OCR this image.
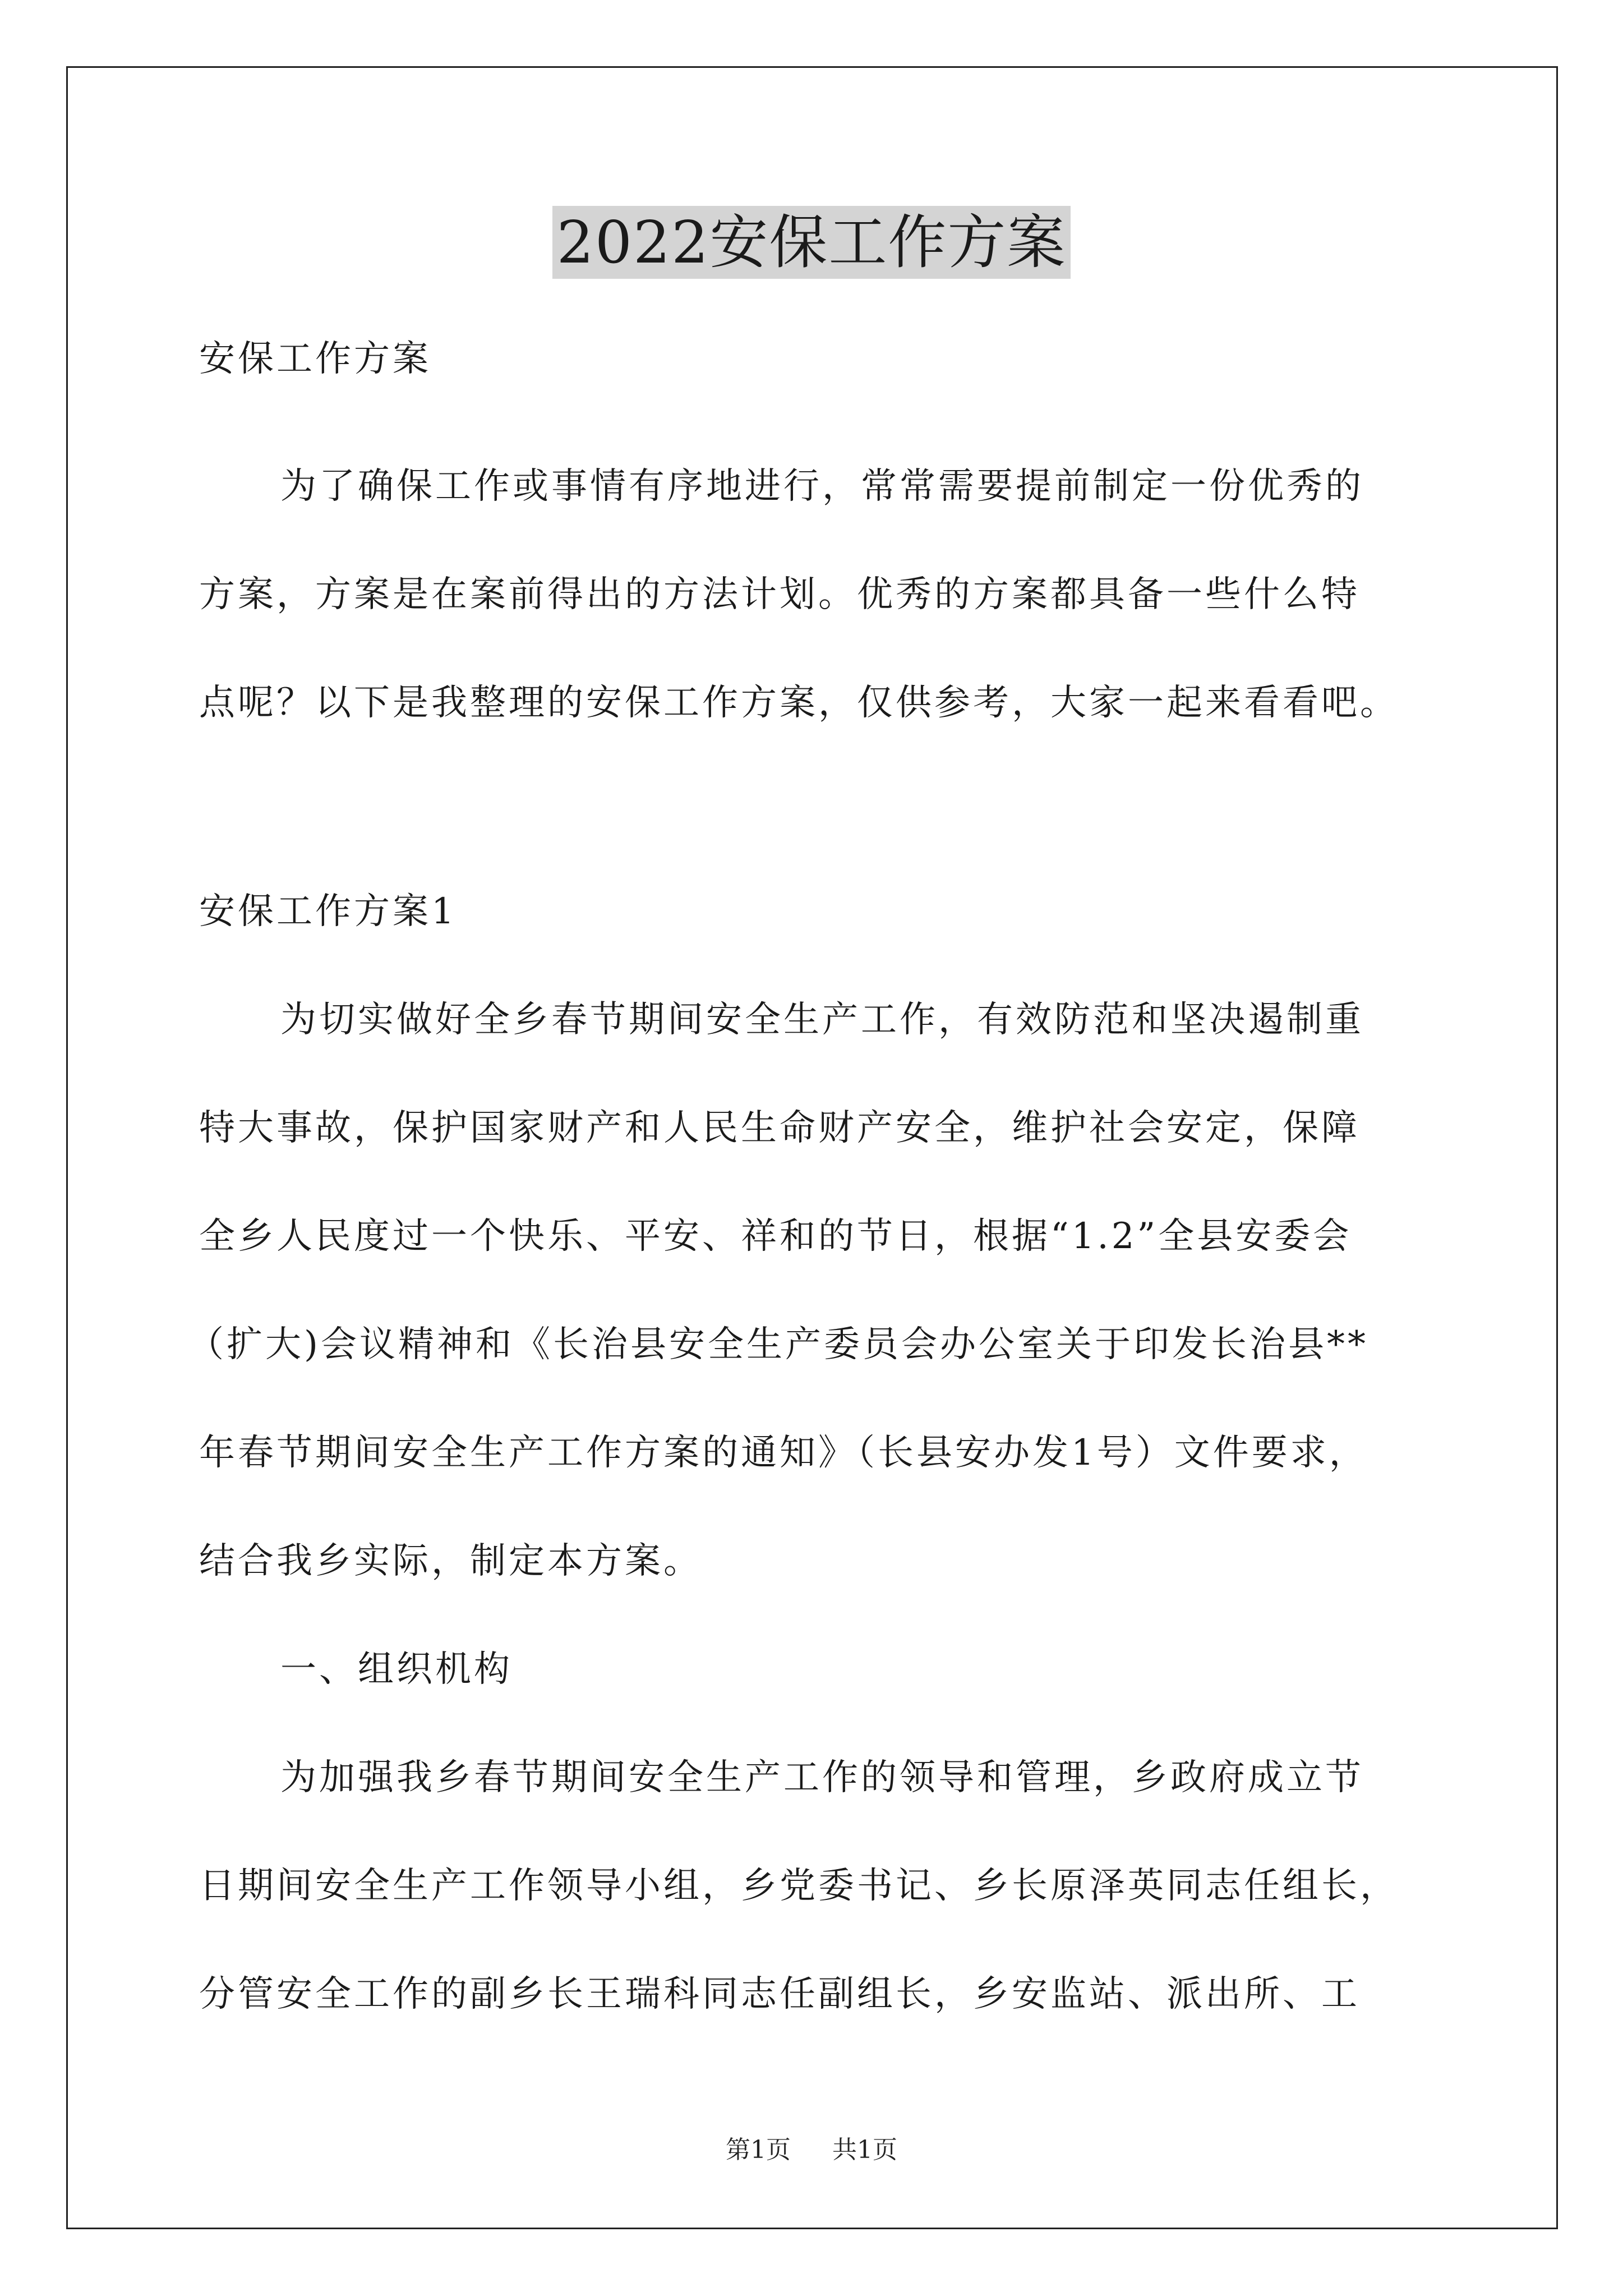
2022安保工作方案
安保工作方案
为了确保工作或事情有序地进行，常常需要提前制定一份优秀的
方案，方案是在案前得出的方法计划。优秀的方案都具备一些什么特
点呢？以下是我整理的安保工作方案，仅供参考，大家一起来看看吧。
安保工作方案1
为切实做好全乡春节期间安全生产工作，有效防范和坚决遏制重
特大事故，保护国家财产和人民生命财产安全，维护社会安定，保障
全乡人民度过一个快乐、平安、祥和的节日，根据“1.2”全县安委会
（扩大)会议精神和《长治县安全生产委员会办公室关于印发长治县**
年春节期间安全生产工作方案的通知》（长县安办发1号）文件要求，
结合我乡实际，制定本方案。
一、组织机构
为加强我乡春节期间安全生产工作的领导和管理，乡政府成立节
日期间安全生产工作领导小组，乡党委书记、乡长原泽英同志任组长，
分管安全工作的副乡长王瑞科同志任副组长，乡安监站、派出所、工
第1页 共1页
